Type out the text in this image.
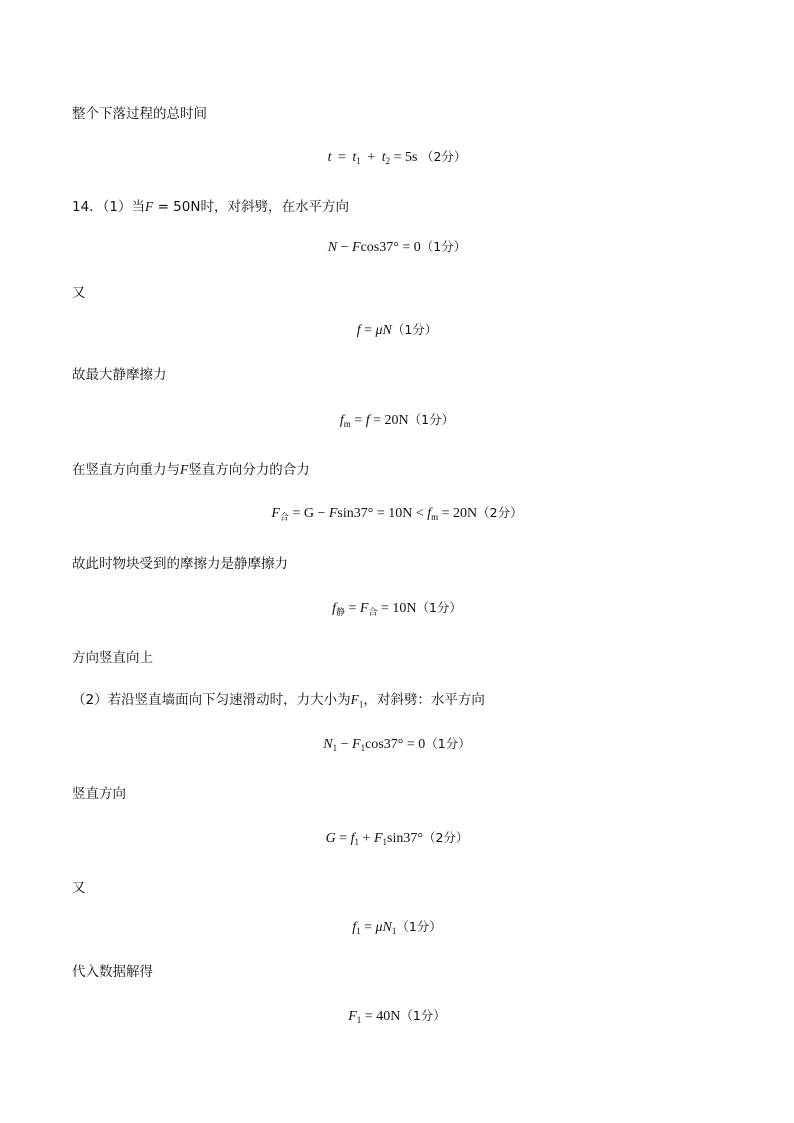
整个下落过程的总时间
$t = t_1 + t_2 = 5s$ （2分）
14．（1）当F = 50N时，对斜劈，在水平方向
N − Fcos37° = 0（1分）
又
f = μN（1分）
故最大静摩擦力
$f_m = f = 20N(1$分）
在竖直方向重力与F竖直方向分力的合力
$F_合 = G - Fsin37^\circ = 10N < f_m = 20N(2$分）
故此时物块受到的摩擦力是静摩擦力
$f_静 = F_合 = 10N(1$分）
方向竖直向上
（2）若沿竖直墙面向下匀速滑动时，力大小为$F_1$，对斜劈：水平方向
$N_1 - F_1\cos 37^\circ = 0(1$分）
竖直方向
$G = f_1 + F_1\sin 37^\circ(2$分）
又
$f_1 = \mu N_1(1$分）
代入数据解得
$F_1 = 40N(1$分）
